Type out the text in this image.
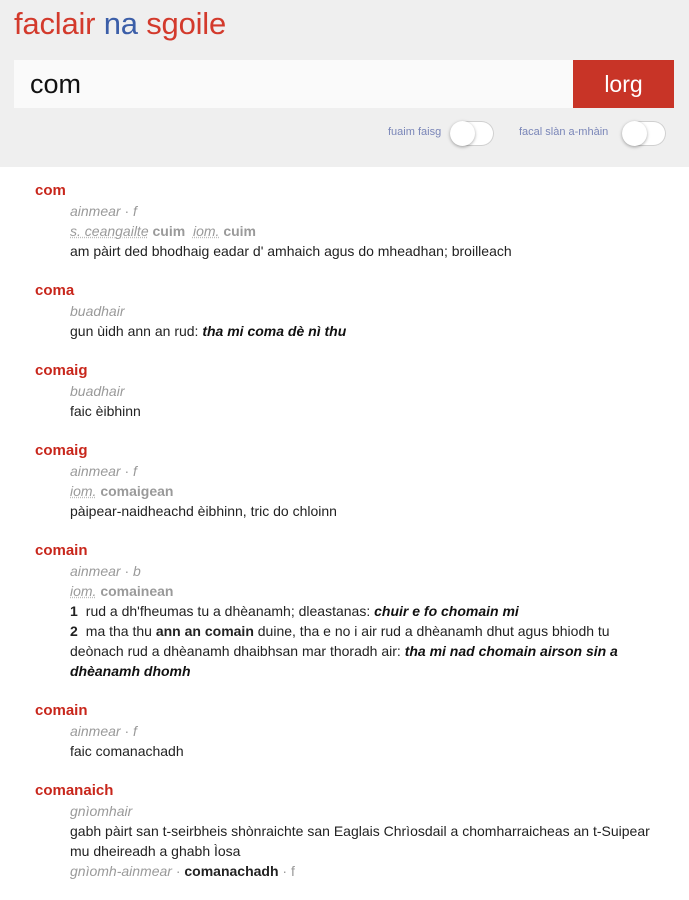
faclair na sgoile
com
lorg
fuaim faisg	facal slàn a-mhàin
com
ainmear · f
s. ceangailte cuim iom. cuim
am pàirt ded bhodhaig eadar d' amhaich agus do mheadhan; broilleach
coma
buadhair
gun ùidh ann an rud: tha mi coma dè nì thu
comaig
buadhair
faic èibhinn
comaig
ainmear · f
iom. comaigean
pàipear-naidheachd èibhinn, tric do chloinn
comain
ainmear · b
iom. comainean
1 rud a dh'fheumas tu a dhèanamh; dleastanas: chuir e fo chomain mi
2 ma tha thu ann an comain duine, tha e no i air rud a dhèanamh dhut agus bhiodh tu deònach rud a dhèanamh dhaibhsan mar thoradh air: tha mi nad chomain airson sin a dhèanamh dhomh
comain
ainmear · f
faic comanachadh
comanaich
gnìomhair
gabh pàirt san t-seirbheis shònraichte san Eaglais Chrìosdail a chomharraicheas an t-Suipear mu dheireadh a ghabh Ìosa
gnìomh-ainmear · comanachadh · f
